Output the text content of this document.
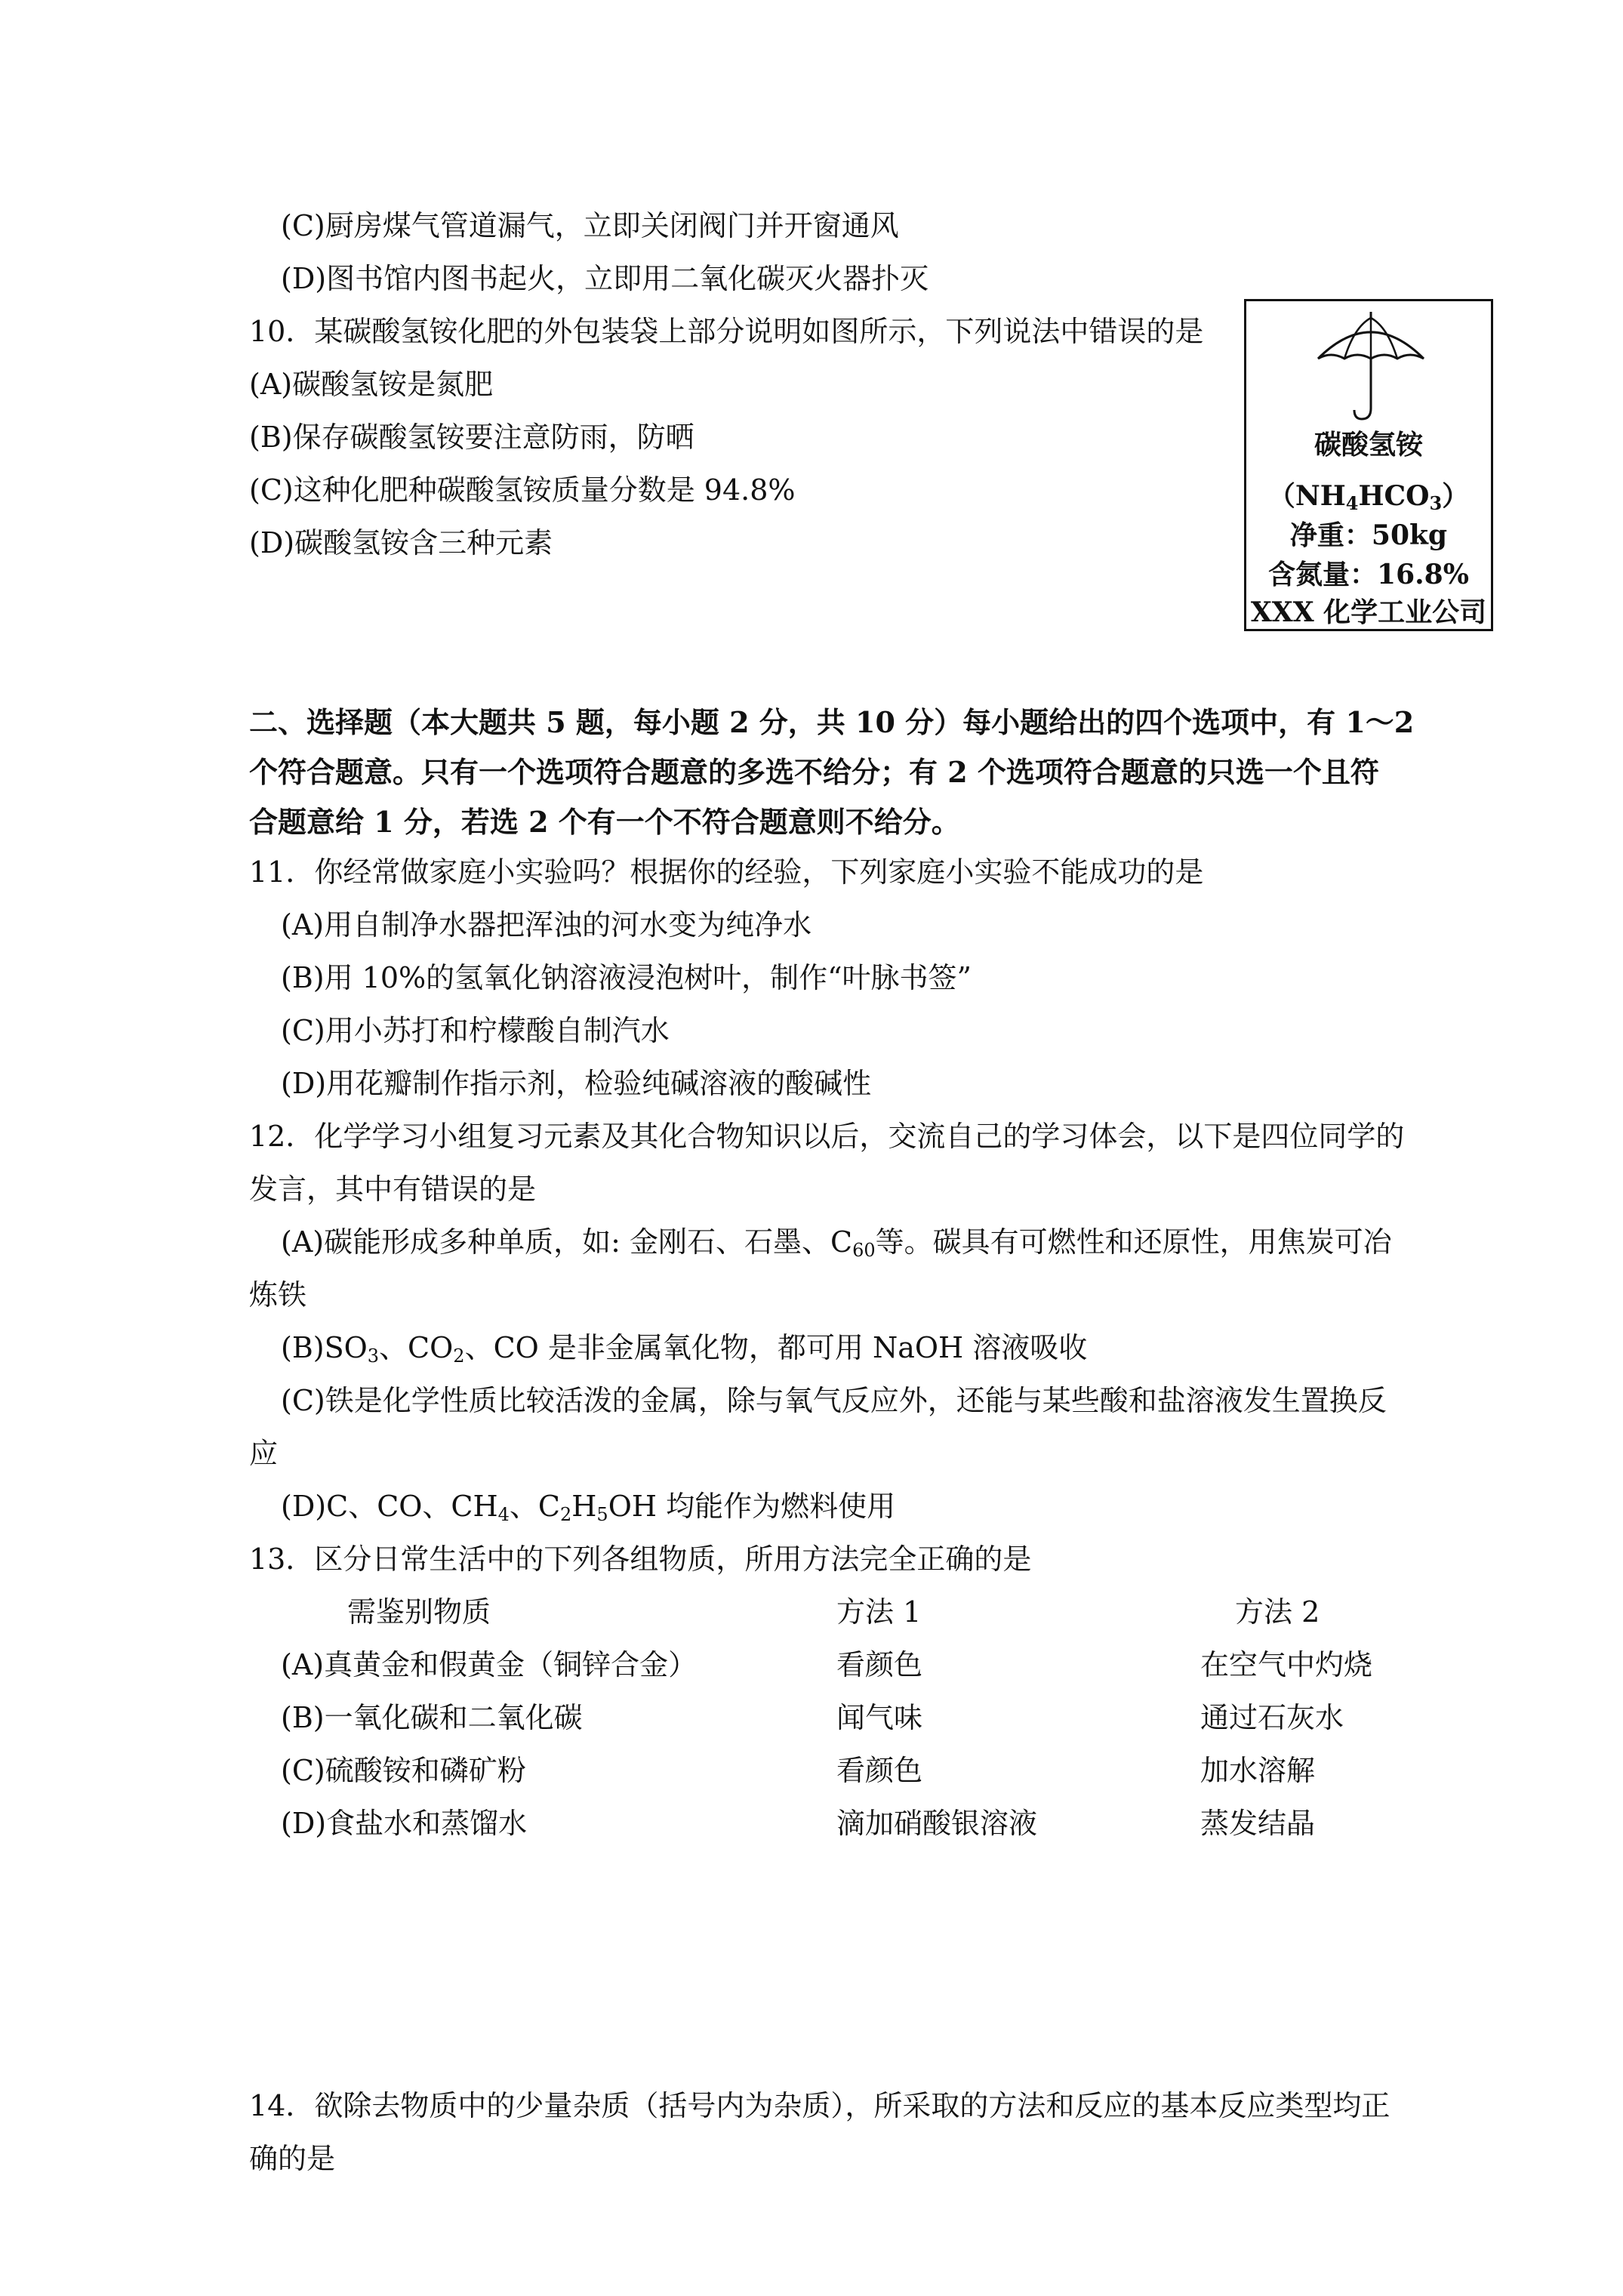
(C)厨房煤气管道漏气，立即关闭阀门并开窗通风
(D)图书馆内图书起火，立即用二氧化碳灭火器扑灭
10．某碳酸氢铵化肥的外包装袋上部分说明如图所示，下列说法中错误的是
(A)碳酸氢铵是氮肥
(B)保存碳酸氢铵要注意防雨，防晒
(C)这种化肥种碳酸氢铵质量分数是 94.8%
(D)碳酸氢铵含三种元素
碳酸氢铵
$(NH_4HCO_3)$
净重：50kg
含氮量：16.8%
XXX 化学工业公司
二、选择题（本大题共 5 题，每小题 2 分，共 10 分）每小题给出的四个选项中，有 1～2
个符合题意。只有一个选项符合题意的多选不给分；有 2 个选项符合题意的只选一个且符
合题意给 1 分，若选 2 个有一个不符合题意则不给分。
11．你经常做家庭小实验吗？根据你的经验，下列家庭小实验不能成功的是
(A)用自制净水器把浑浊的河水变为纯净水
(B)用 10%的氢氧化钠溶液浸泡树叶，制作“叶脉书签”
(C)用小苏打和柠檬酸自制汽水
(D)用花瓣制作指示剂，检验纯碱溶液的酸碱性
12．化学学习小组复习元素及其化合物知识以后，交流自己的学习体会，以下是四位同学的
发言，其中有错误的是
(A)碳能形成多种单质，如: 金刚石、石墨、$C_{60}$等。碳具有可燃性和还原性，用焦炭可冶
炼铁
$(B)SO_3$、$CO_2$、CO 是非金属氧化物，都可用 NaOH 溶液吸收
(C)铁是化学性质比较活泼的金属，除与氧气反应外，还能与某些酸和盐溶液发生置换反
应
(D)C、CO、$CH_4$、$C_2H_5OH$ 均能作为燃料使用
13．区分日常生活中的下列各组物质，所用方法完全正确的是
需鉴别物质	方法 1	方法 2
(A)真黄金和假黄金（铜锌合金）	看颜色	在空气中灼烧
(B)一氧化碳和二氧化碳	闻气味	通过石灰水
(C)硫酸铵和磷矿粉	看颜色	加水溶解
(D)食盐水和蒸馏水	滴加硝酸银溶液	蒸发结晶
14．欲除去物质中的少量杂质（括号内为杂质），所采取的方法和反应的基本反应类型均正
确的是
